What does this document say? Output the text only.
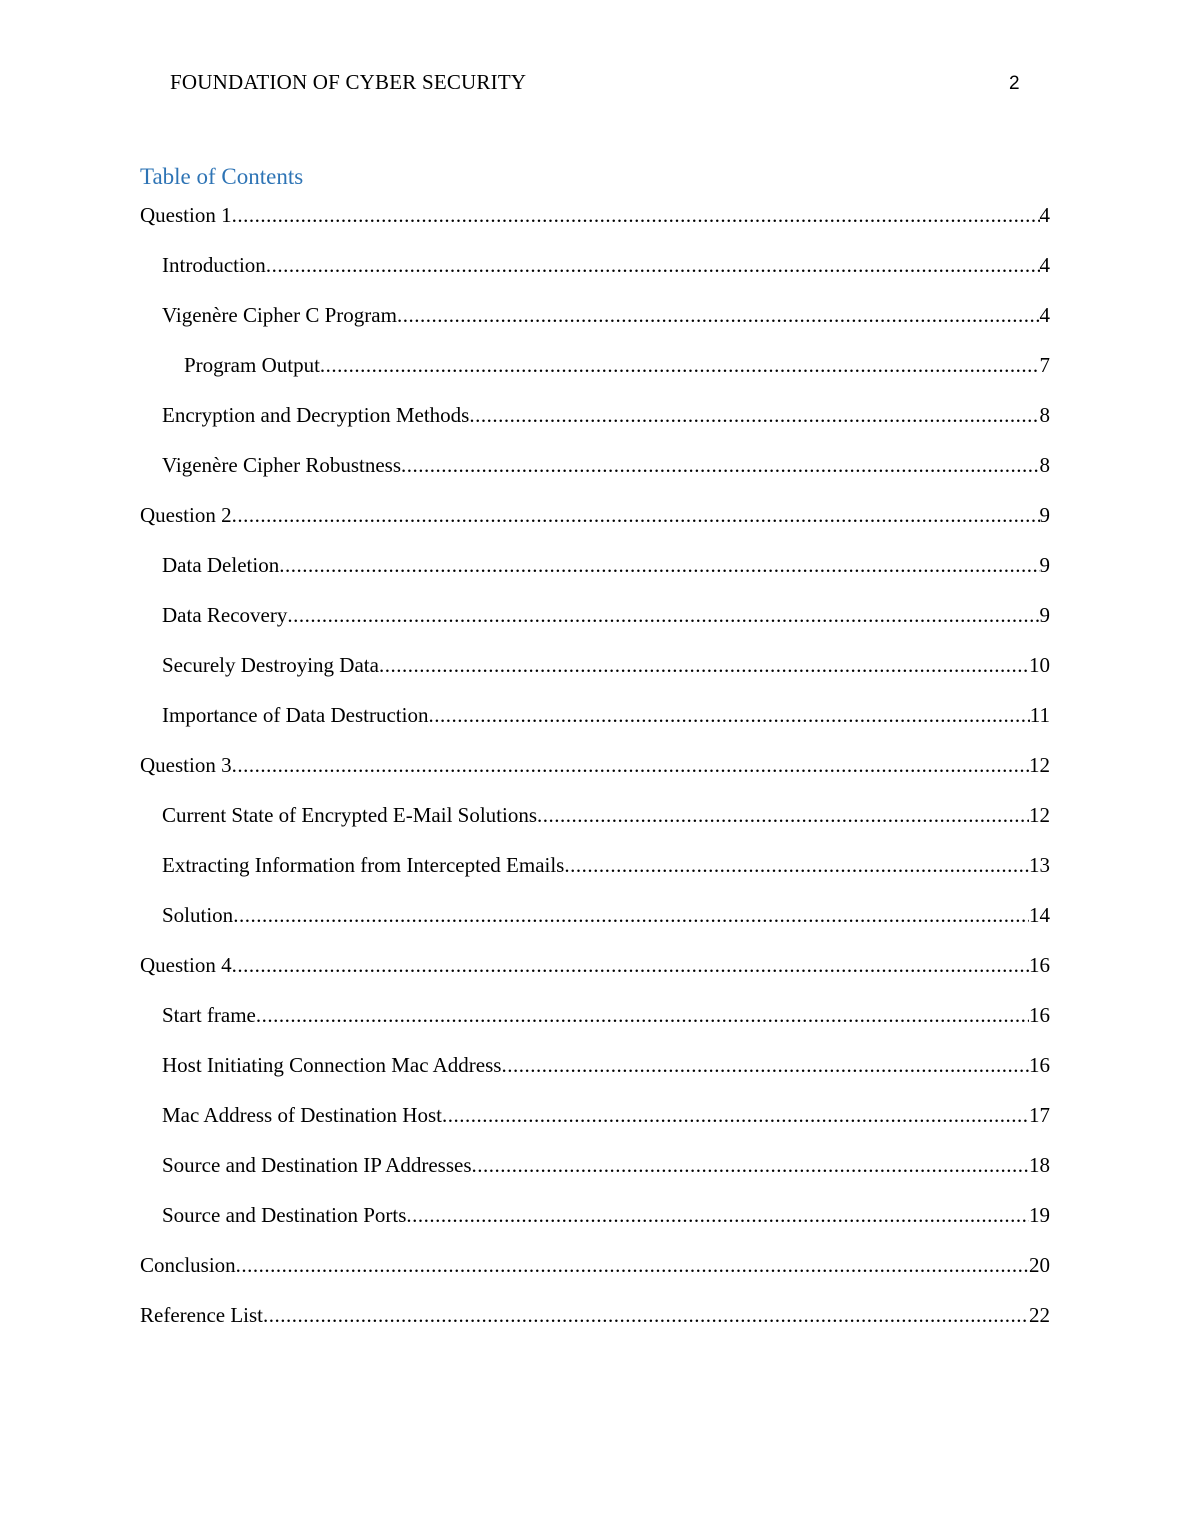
FOUNDATION OF CYBER SECURITY	2
Table of Contents
Question 1 .....	4
Introduction .....	4
Vigenère Cipher C Program .....	4
Program Output .....	7
Encryption and Decryption Methods .....	8
Vigenère Cipher Robustness .....	8
Question 2 .....	9
Data Deletion .....	9
Data Recovery .....	9
Securely Destroying Data .....	10
Importance of Data Destruction .....	11
Question 3 .....	12
Current State of Encrypted E-Mail Solutions .....	12
Extracting Information from Intercepted Emails .....	13
Solution .....	14
Question 4 .....	16
Start frame .....	16
Host Initiating Connection Mac Address .....	16
Mac Address of Destination Host .....	17
Source and Destination IP Addresses .....	18
Source and Destination Ports .....	19
Conclusion .....	20
Reference List .....	22
